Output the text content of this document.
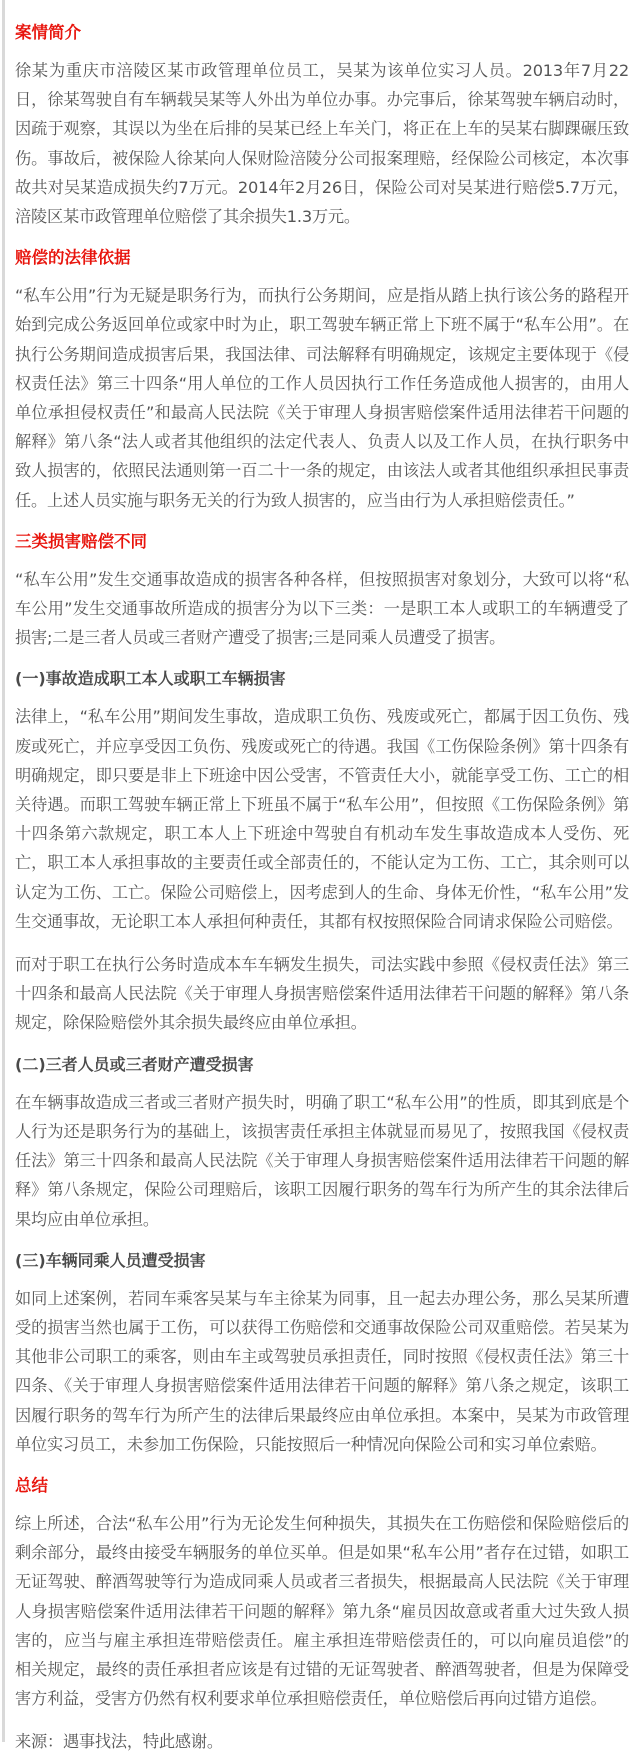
案情简介

徐某为重庆市涪陵区某市政管理单位员工，吴某为该单位实习人员。2013年7月22日，徐某驾驶自有车辆载吴某等人外出为单位办事。办完事后，徐某驾驶车辆启动时，因疏于观察，其误以为坐在后排的吴某已经上车关门，将正在上车的吴某右脚踝碾压致伤。事故后，被保险人徐某向人保财险涪陵分公司报案理赔，经保险公司核定，本次事故共对吴某造成损失约7万元。2014年2月26日，保险公司对吴某进行赔偿5.7万元，涪陵区某市政管理单位赔偿了其余损失1.3万元。

赔偿的法律依据

“私车公用”行为无疑是职务行为，而执行公务期间，应是指从踏上执行该公务的路程开始到完成公务返回单位或家中时为止，职工驾驶车辆正常上下班不属于“私车公用”。在执行公务期间造成损害后果，我国法律、司法解释有明确规定，该规定主要体现于《侵权责任法》第三十四条“用人单位的工作人员因执行工作任务造成他人损害的，由用人单位承担侵权责任”和最高人民法院《关于审理人身损害赔偿案件适用法律若干问题的解释》第八条“法人或者其他组织的法定代表人、负责人以及工作人员，在执行职务中致人损害的，依照民法通则第一百二十一条的规定，由该法人或者其他组织承担民事责任。上述人员实施与职务无关的行为致人损害的，应当由行为人承担赔偿责任。”

三类损害赔偿不同

“私车公用”发生交通事故造成的损害各种各样，但按照损害对象划分，大致可以将“私车公用”发生交通事故所造成的损害分为以下三类：一是职工本人或职工的车辆遭受了损害;二是三者人员或三者财产遭受了损害;三是同乘人员遭受了损害。

(一)事故造成职工本人或职工车辆损害

法律上，“私车公用”期间发生事故，造成职工负伤、残废或死亡，都属于因工负伤、残废或死亡，并应享受因工负伤、残废或死亡的待遇。我国《工伤保险条例》第十四条有明确规定，即只要是非上下班途中因公受害，不管责任大小，就能享受工伤、工亡的相关待遇。而职工驾驶车辆正常上下班虽不属于“私车公用”，但按照《工伤保险条例》第十四条第六款规定，职工本人上下班途中驾驶自有机动车发生事故造成本人受伤、死亡，职工本人承担事故的主要责任或全部责任的，不能认定为工伤、工亡，其余则可以认定为工伤、工亡。保险公司赔偿上，因考虑到人的生命、身体无价性，“私车公用”发生交通事故，无论职工本人承担何种责任，其都有权按照保险合同请求保险公司赔偿。

而对于职工在执行公务时造成本车车辆发生损失，司法实践中参照《侵权责任法》第三十四条和最高人民法院《关于审理人身损害赔偿案件适用法律若干问题的解释》第八条规定，除保险赔偿外其余损失最终应由单位承担。

(二)三者人员或三者财产遭受损害

在车辆事故造成三者或三者财产损失时，明确了职工“私车公用”的性质，即其到底是个人行为还是职务行为的基础上，该损害责任承担主体就显而易见了，按照我国《侵权责任法》第三十四条和最高人民法院《关于审理人身损害赔偿案件适用法律若干问题的解释》第八条规定，保险公司理赔后，该职工因履行职务的驾车行为所产生的其余法律后果均应由单位承担。

(三)车辆同乘人员遭受损害

如同上述案例，若同车乘客吴某与车主徐某为同事，且一起去办理公务，那么吴某所遭受的损害当然也属于工伤，可以获得工伤赔偿和交通事故保险公司双重赔偿。若吴某为其他非公司职工的乘客，则由车主或驾驶员承担责任，同时按照《侵权责任法》第三十四条、《关于审理人身损害赔偿案件适用法律若干问题的解释》第八条之规定，该职工因履行职务的驾车行为所产生的法律后果最终应由单位承担。本案中，吴某为市政管理单位实习员工，未参加工伤保险，只能按照后一种情况向保险公司和实习单位索赔。

总结

综上所述，合法“私车公用”行为无论发生何种损失，其损失在工伤赔偿和保险赔偿后的剩余部分，最终由接受车辆服务的单位买单。但是如果“私车公用”者存在过错，如职工无证驾驶、醉酒驾驶等行为造成同乘人员或者三者损失，根据最高人民法院《关于审理人身损害赔偿案件适用法律若干问题的解释》第九条“雇员因故意或者重大过失致人损害的，应当与雇主承担连带赔偿责任。雇主承担连带赔偿责任的，可以向雇员追偿”的相关规定，最终的责任承担者应该是有过错的无证驾驶者、醉酒驾驶者，但是为保障受害方利益，受害方仍然有权利要求单位承担赔偿责任，单位赔偿后再向过错方追偿。

来源：遇事找法，特此感谢。
